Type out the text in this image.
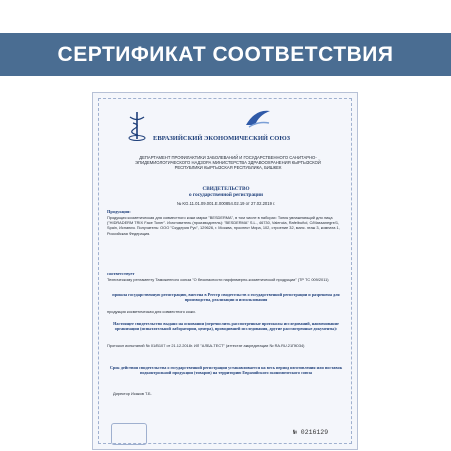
СЕРТИФИКАТ СООТВЕТСТВИЯ
ЕВРАЗИЙСКИЙ ЭКОНОМИЧЕСКИЙ СОЮЗ
ДЕПАРТАМЕНТ ПРОФИЛАКТИКИ ЗАБОЛЕВАНИЙ И ГОСУДАРСТВЕННОГО САНИТАРНО-ЭПИДЕМИОЛОГИЧЕСКОГО НАДЗОРА МИНИСТЕРСТВА ЗДРАВООХРАНЕНИЯ КЫРГЫЗСКОЙ РЕСПУБЛИКИ КЫРГЫЗСКАЯ РЕСПУБЛИКА, БИШКЕК
СВИДЕТЕЛЬСТВО
о государственной регистрации
№ KG.11.01.09.001.E.000854.02.19 от 27.02.2019 г.
Продукция:
Продукция косметическая для совместного кожи марки "BESDERMA", в том числе в наборах: Тоник увлажняющий для лица ("HIDRADERM TRIX Face Toner". Изготовитель (производитель): "BESDERMA" S.L., 46730, Valencia, Rafelbuñol, C/Massanegre/1, Spain, Испания. Получатель: ООО "Скудерия Рус", 129626, г. Москва, проспект Мира, 102, строение 32, манс. этаж 3, комната 1, Российская Федерация.
соответствует
Техническому регламенту Таможенного союза "О безопасности парфюмерно-косметической продукции" (ТР ТС 009/2011)
прошла государственную регистрацию, внесена в Реестр свидетельств о государственной регистрации и разрешена для производства, реализации и использования
продукция косметическая для совместного кожи.
Настоящее свидетельство выдано на основании (перечислить рассмотренные протоколы исследований, наименование организации (испытательной лаборатории, центра), проводившей исследования, другие рассмотренные документы):
Протокол испытаний № 01/В107 от 21.12.2018г. ИЛ "АЛБА-ТЕСТ" (аттестат аккредитации № RA.RU.21ПЮ34)
Срок действия свидетельства о государственной регистрации устанавливается на весь период изготовления или поставок подконтрольной продукции (товаров) на территорию Евразийского экономического союза
Директор Исаков Т.Б.
№ 0216129
